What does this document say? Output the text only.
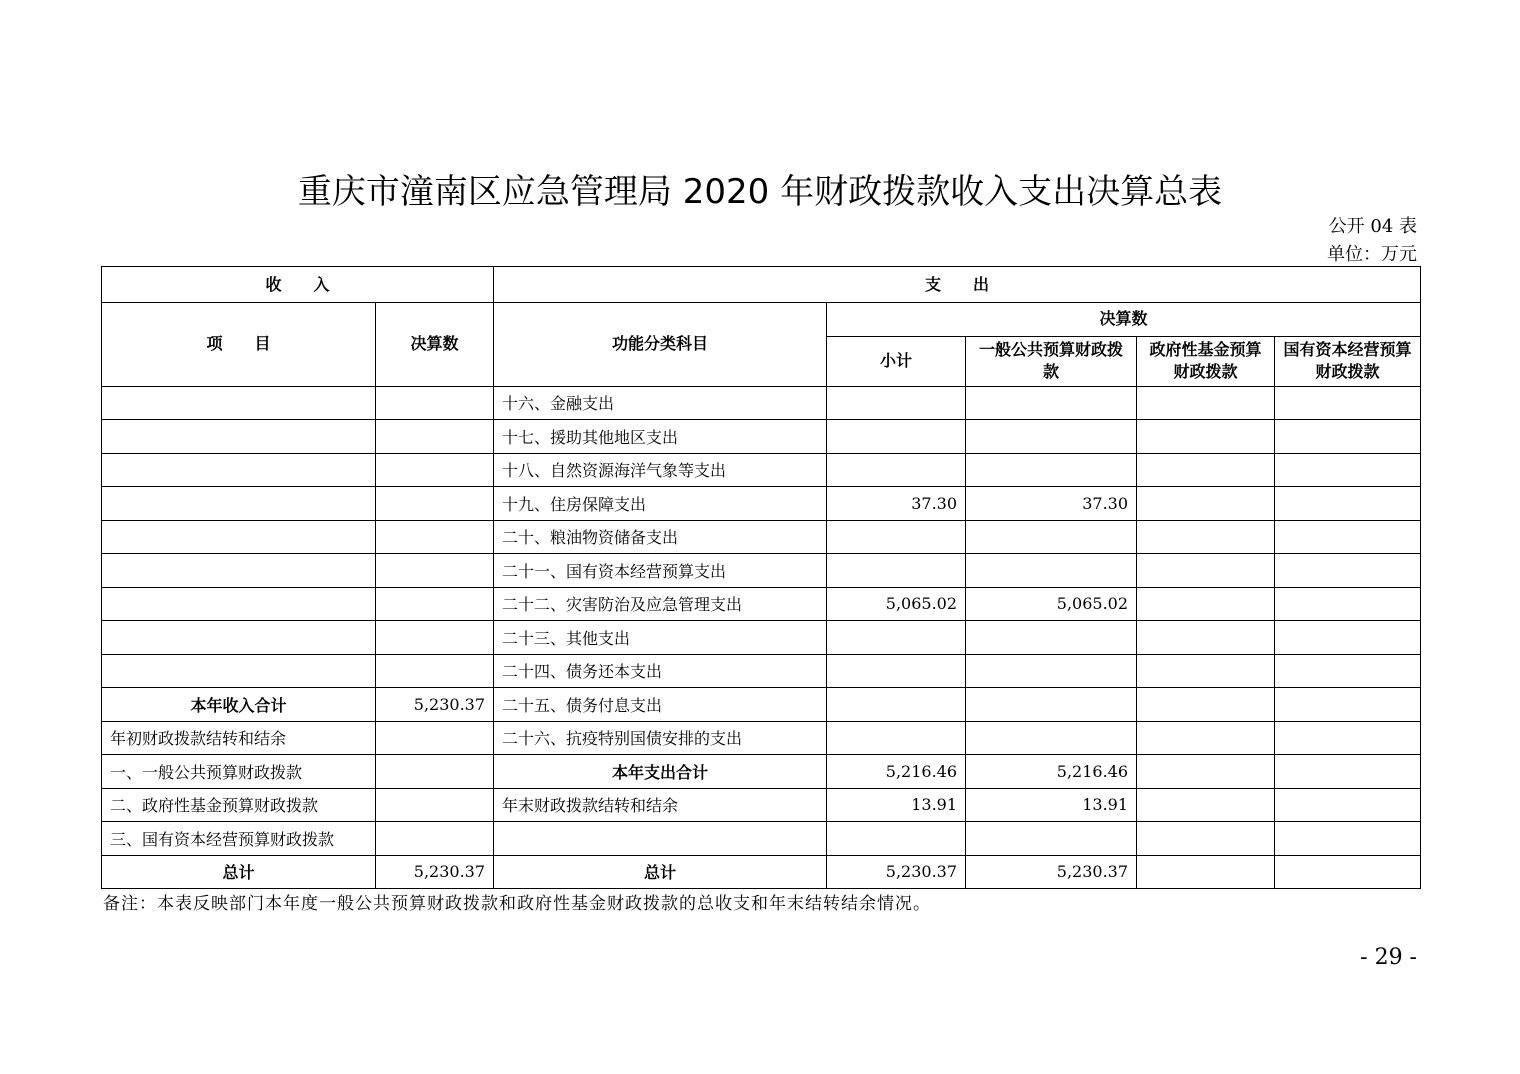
重庆市潼南区应急管理局 2020 年财政拨款收入支出决算总表
公开 04 表
单位：万元
收　　入		支　　出				
项　　目	决算数	功能分类科目	决算数			
			小计	一般公共预算财政拨款	政府性基金预算财政拨款	国有资本经营预算财政拨款
		十六、金融支出				
		十七、援助其他地区支出				
		十八、自然资源海洋气象等支出				
		十九、住房保障支出	37.30	37.30		
		二十、粮油物资储备支出				
		二十一、国有资本经营预算支出				
		二十二、灾害防治及应急管理支出	5,065.02	5,065.02		
		二十三、其他支出				
		二十四、债务还本支出				
本年收入合计	5,230.37	二十五、债务付息支出				
年初财政拨款结转和结余		二十六、抗疫特别国债安排的支出				
一、一般公共预算财政拨款		本年支出合计	5,216.46	5,216.46		
二、政府性基金预算财政拨款		年末财政拨款结转和结余	13.91	13.91		
三、国有资本经营预算财政拨款						
总计	5,230.37	总计	5,230.37	5,230.37		
备注：本表反映部门本年度一般公共预算财政拨款和政府性基金财政拨款的总收支和年末结转结余情况。
- 29 -
